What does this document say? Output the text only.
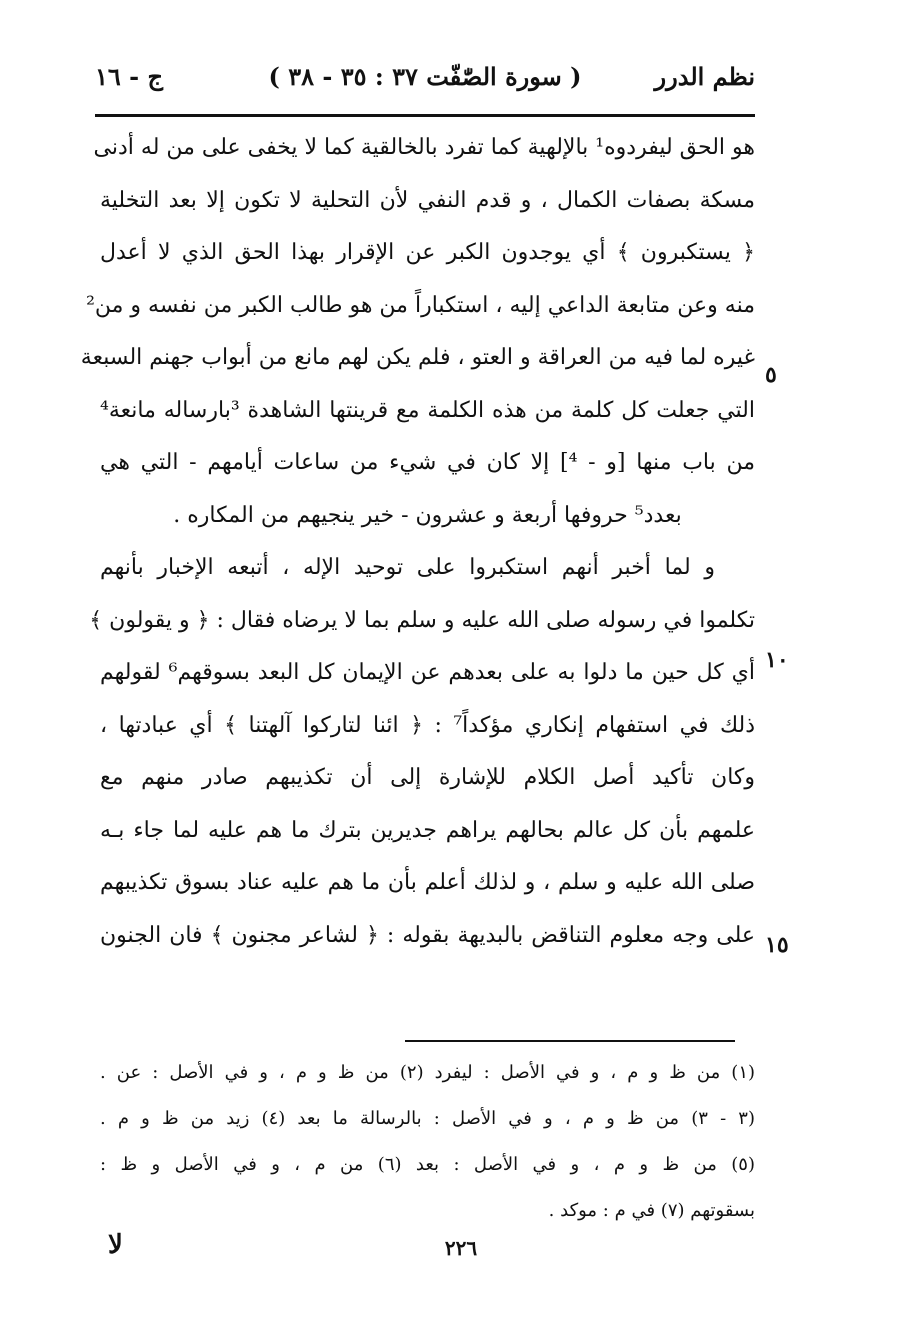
نظم الدرر
( سورة الصّٰفّت ٣٧ : ٣٥ - ٣٨ )
ج - ١٦
هو الحق ليفردوه¹ بالإلهية كما تفرد بالخالقية كما لا يخفى على من له أدنى
مسكة بصفات الكمال ، و قدم النفي لأن التحلية لا تكون إلا بعد التخلية
﴿ يستكبرون ﴾ أي يوجدون الكبر عن الإقرار بهذا الحق الذي لا أعدل
منه وعن متابعة الداعي إليه ، استكباراً من هو طالب الكبر من نفسه و من²
غيره لما فيه من العراقة و العتو ، فلم يكن لهم مانع من أبواب جهنم السبعة
التي جعلت كل كلمة من هذه الكلمة مع قرينتها الشاهدة ³بارساله مانعة⁴
من باب منها [و - ⁴] إلا كان في شيء من ساعات أيامهم - التي هي
بعدد⁵ حروفها أربعة و عشرون - خير ينجيهم من المكاره .
و لما أخبر أنهم استكبروا على توحيد الإله ، أتبعه الإخبار بأنهم
تكلموا في رسوله صلى الله عليه و سلم بما لا يرضاه فقال : ﴿ و يقولون ﴾
أي كل حين ما دلوا به على بعدهم عن الإيمان كل البعد بسوقهم⁶ لقولهم
ذلك في استفهام إنكاري مؤكداً⁷ : ﴿ ائنا لتاركوا آلهتنا ﴾ أي عبادتها ،
وكان تأكيد أصل الكلام للإشارة إلى أن تكذيبهم صادر منهم مع
علمهم بأن كل عالم بحالهم يراهم جديرين بترك ما هم عليه لما جاء بـه
صلى الله عليه و سلم ، و لذلك أعلم بأن ما هم عليه عناد بسوق تكذيبهم
على وجه معلوم التناقض بالبديهة بقوله : ﴿ لشاعر مجنون ﴾ فان الجنون
٥
١٠
١٥
(١) من ظ و م ، و في الأصل : ليفرد (٢) من ظ و م ، و في الأصل : عن .
(٣ - ٣) من ظ و م ، و في الأصل : بالرسالة ما بعد (٤) زيد من ظ و م .
(٥) من ظ و م ، و في الأصل : بعد (٦) من م ، و في الأصل و ظ :
بسقوتهم (٧) في م : موكد .
٢٢٦
لا
